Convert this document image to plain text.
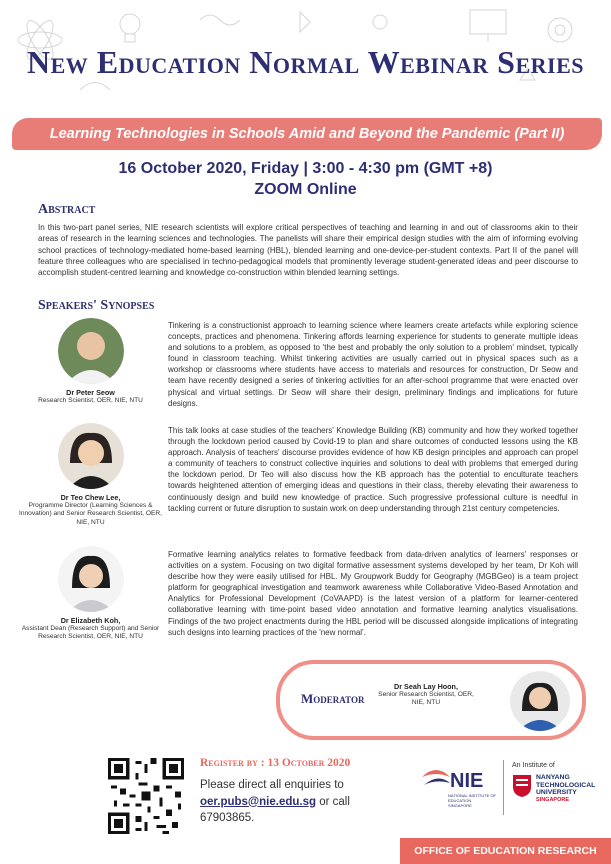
New Education Normal Webinar Series
Learning Technologies in Schools Amid and Beyond the Pandemic (Part II)
16 October 2020, Friday | 3:00 - 4:30 pm (GMT +8)
ZOOM Online
Abstract
In this two-part panel series, NIE research scientists will explore critical perspectives of teaching and learning in and out of classrooms akin to their areas of research in the learning sciences and technologies. The panelists will share their empirical design studies with the aim of informing evolving school practices of technology-mediated home-based learning (HBL), blended learning and one-device-per-student contexts. Part II of the panel will feature three colleagues who are specialised in techno-pedagogical models that prominently leverage student-generated ideas and peer discourse to accomplish student-centred learning and knowledge co-construction within blended learning settings.
Speakers' Synopses
Dr Peter Seow
Research Scientist, OER, NIE, NTU
Tinkering is a constructionist approach to learning science where learners create artefacts while exploring science concepts, practices and phenomena. Tinkering affords learning experience for students to generate multiple ideas and solutions to a problem, as opposed to 'the best and probably the only solution to a problem' mindset, typically found in classroom teaching. Whilst tinkering activities are usually carried out in physical spaces such as a workshop or classrooms where students have access to materials and resources for construction, Dr Seow and team have recently designed a series of tinkering activities for an after-school programme that were enacted over physical and virtual settings. Dr Seow will share their design, preliminary findings and implications for future designs.
Dr Teo Chew Lee,
Programme Director (Learning Sciences & Innovation) and Senior Research Scientist, OER, NIE, NTU
This talk looks at case studies of the teachers' Knowledge Building (KB) community and how they worked together through the lockdown period caused by Covid-19 to plan and share outcomes of conducted lessons using the KB approach. Analysis of teachers' discourse provides evidence of how KB design principles and approach can propel a community of teachers to construct collective inquiries and solutions to deal with problems that emerged during the lockdown period. Dr Teo will also discuss how the KB approach has the potential to enculturate teachers towards heightened attention of emerging ideas and questions in their class, thereby elevating their awareness to continuously design and build new knowledge of practice. Such progressive professional culture is needful in tackling current or future disruption to sustain work on deep understanding through 21st century competencies.
Dr Elizabeth Koh,
Assistant Dean (Research Support) and Senior Research Scientist, OER, NIE, NTU
Formative learning analytics relates to formative feedback from data-driven analytics of learners' responses or activities on a system. Focusing on two digital formative assessment systems developed by her team, Dr Koh will describe how they were easily utilised for HBL. My Groupwork Buddy for Geography (MGBGeo) is a team project platform for geographical investigation and teamwork awareness while Collaborative Video-Based Annotation and Analytics for Professional Development (CoVAAPD) is the latest version of a platform for learner-centered collaborative learning with time-point based video annotation and formative learning analytics visualisations. Findings of the two project enactments during the HBL period will be discussed alongside implications of integrating such designs into learning practices of the 'new normal'.
Moderator
Dr Seah Lay Hoon,
Senior Research Scientist, OER, NIE, NTU
Register by : 13 October 2020
Please direct all enquiries to oer.pubs@nie.edu.sg or call 67903865.
NIE
NATIONAL INSTITUTE OF EDUCATION SINGAPORE
An Institute of
NANYANG
TECHNOLOGICAL
UNIVERSITY
SINGAPORE
OFFICE OF EDUCATION RESEARCH
